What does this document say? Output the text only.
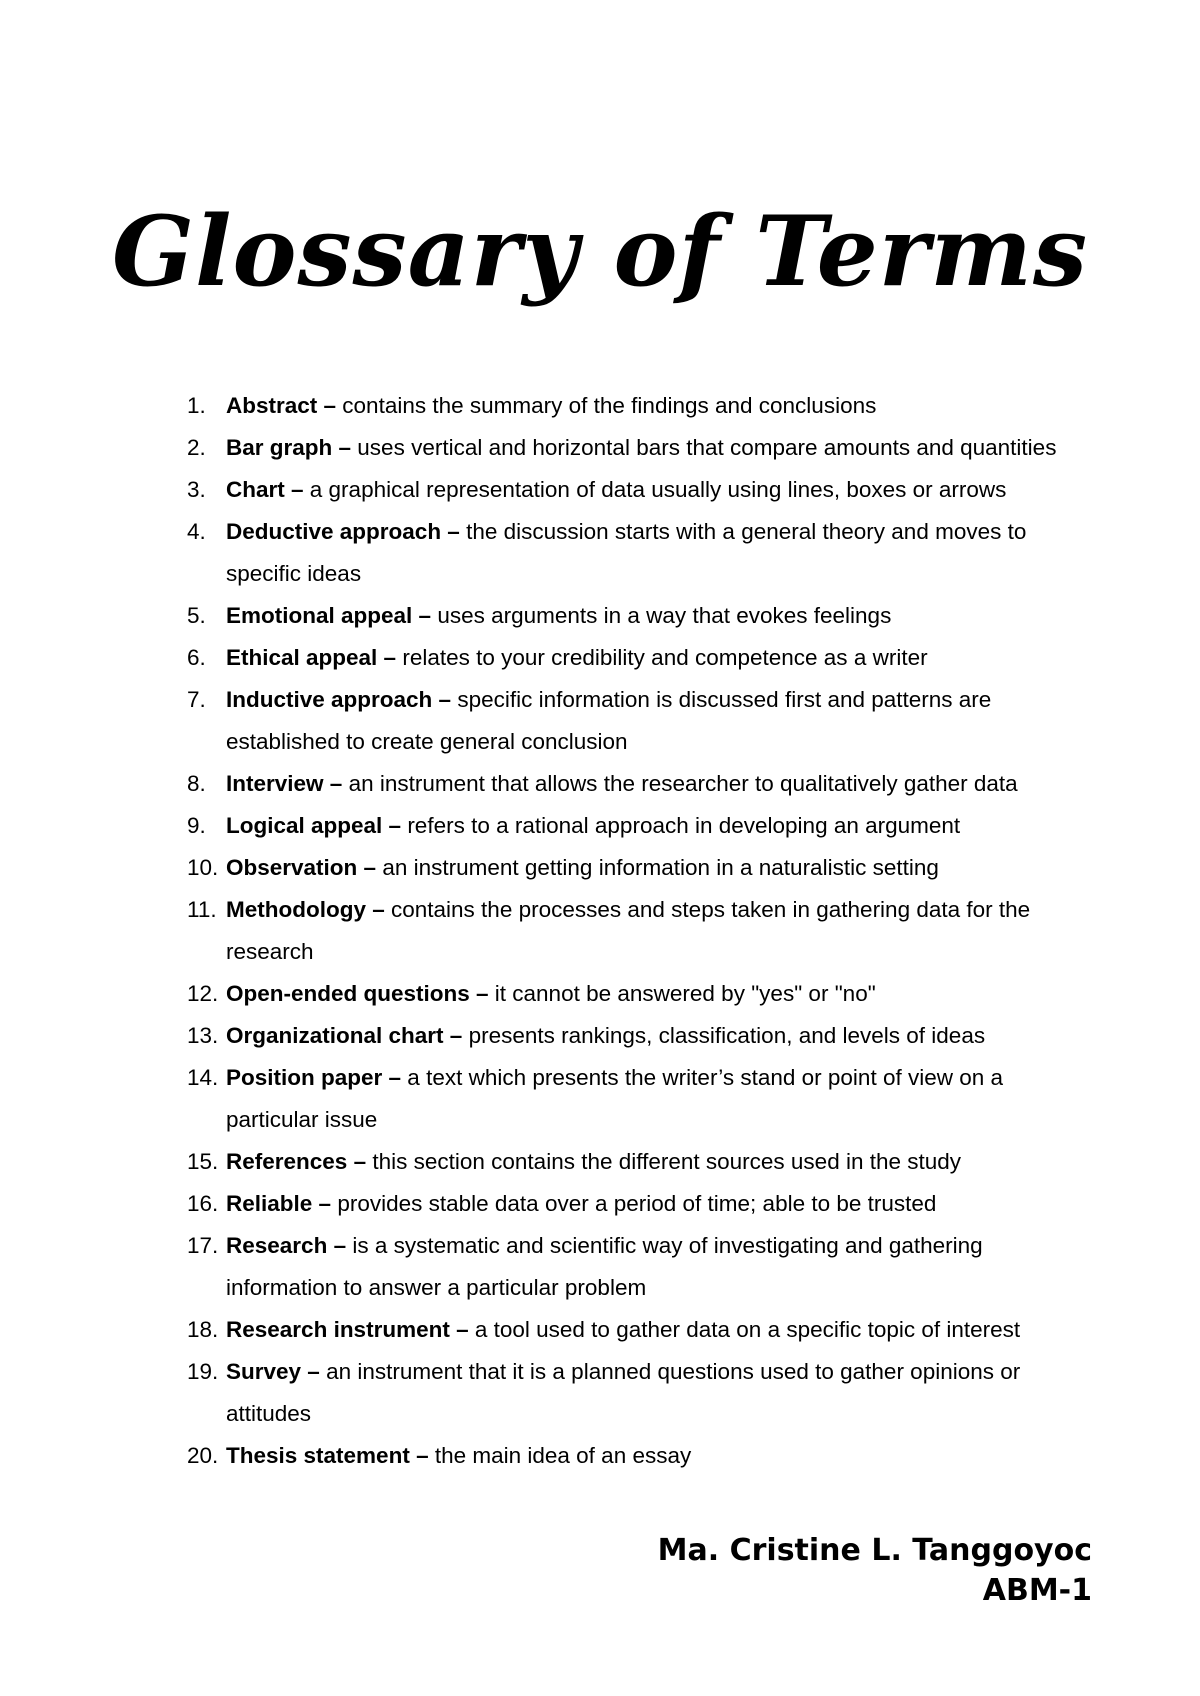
Glossary of Terms
1. Abstract – contains the summary of the findings and conclusions
2. Bar graph – uses vertical and horizontal bars that compare amounts and quantities
3. Chart – a graphical representation of data usually using lines, boxes or arrows
4. Deductive approach – the discussion starts with a general theory and moves to specific ideas
5. Emotional appeal – uses arguments in a way that evokes feelings
6. Ethical appeal – relates to your credibility and competence as a writer
7. Inductive approach – specific information is discussed first and patterns are established to create general conclusion
8. Interview – an instrument that allows the researcher to qualitatively gather data
9. Logical appeal – refers to a rational approach in developing an argument
10. Observation – an instrument getting information in a naturalistic setting
11. Methodology – contains the processes and steps taken in gathering data for the research
12. Open-ended questions – it cannot be answered by "yes" or "no"
13. Organizational chart – presents rankings, classification, and levels of ideas
14. Position paper – a text which presents the writer’s stand or point of view on a particular issue
15. References – this section contains the different sources used in the study
16. Reliable – provides stable data over a period of time; able to be trusted
17. Research – is a systematic and scientific way of investigating and gathering information to answer a particular problem
18. Research instrument – a tool used to gather data on a specific topic of interest
19. Survey – an instrument that it is a planned questions used to gather opinions or attitudes
20. Thesis statement – the main idea of an essay
Ma. Cristine L. Tanggoyoc
ABM-1
